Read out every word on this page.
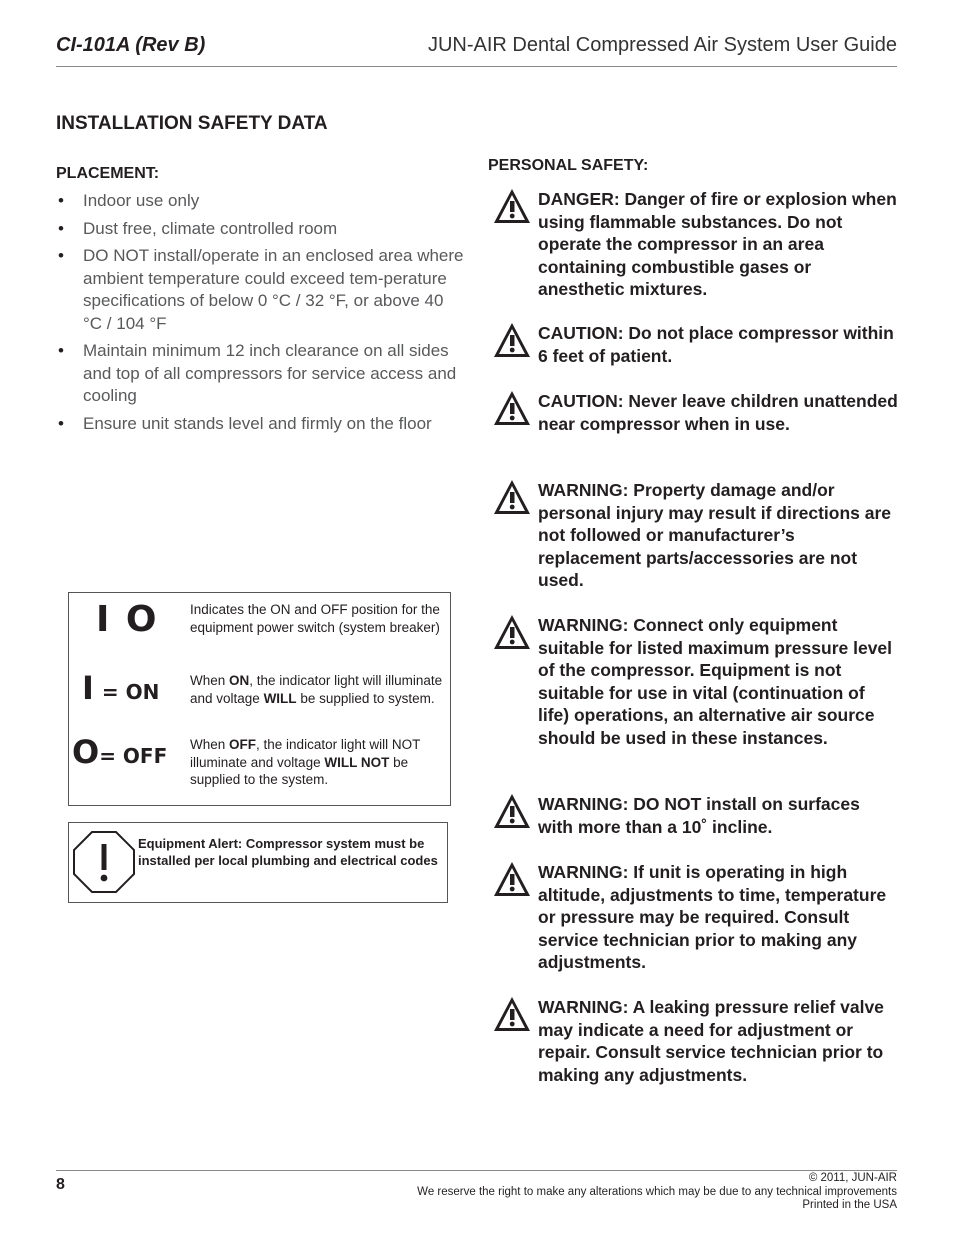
CI-101A (Rev B)	JUN-AIR Dental Compressed Air System User Guide
INSTALLATION SAFETY DATA
PLACEMENT:
• Indoor use only
• Dust free, climate controlled room
• DO NOT install/operate in an enclosed area where ambient temperature could exceed tem-perature specifications of below 0 °C / 32 °F, or above 40 °C / 104 °F
• Maintain minimum 12 inch clearance on all sides and top of all compressors for service access and cooling
• Ensure unit stands level and firmly on the floor
PERSONAL SAFETY:
DANGER: Danger of fire or explosion when using flammable substances. Do not operate the compressor in an area containing combustible gases or anesthetic mixtures.
CAUTION: Do not place compressor within 6 feet of patient.
CAUTION: Never leave children unattended near compressor when in use.
WARNING: Property damage and/or personal injury may result if directions are not followed or manufacturer’s replacement parts/accessories are not used.
WARNING: Connect only equipment suitable for listed maximum pressure level of the compressor. Equipment is not suitable for use in vital (continuation of life) operations, an alternative air source should be used in these instances.
WARNING: DO NOT install on surfaces with more than a 10˚ incline.
WARNING: If unit is operating in high altitude, adjustments to time, temperature or pressure may be required. Consult service technician prior to making any adjustments.
WARNING: A leaking pressure relief valve may indicate a need for adjustment or repair. Consult service technician prior to making any adjustments.
I O
I = ON
O= OFF
Indicates the ON and OFF position for the equipment power switch (system breaker)
When ON, the indicator light will illuminate and voltage WILL be supplied to system.
When OFF, the indicator light will NOT illuminate and voltage WILL NOT be supplied to the system.
Equipment Alert: Compressor system must be installed per local plumbing and electrical codes
8	© 2011, JUN-AIR
We reserve the right to make any alterations which may be due to any technical improvements
Printed in the USA
